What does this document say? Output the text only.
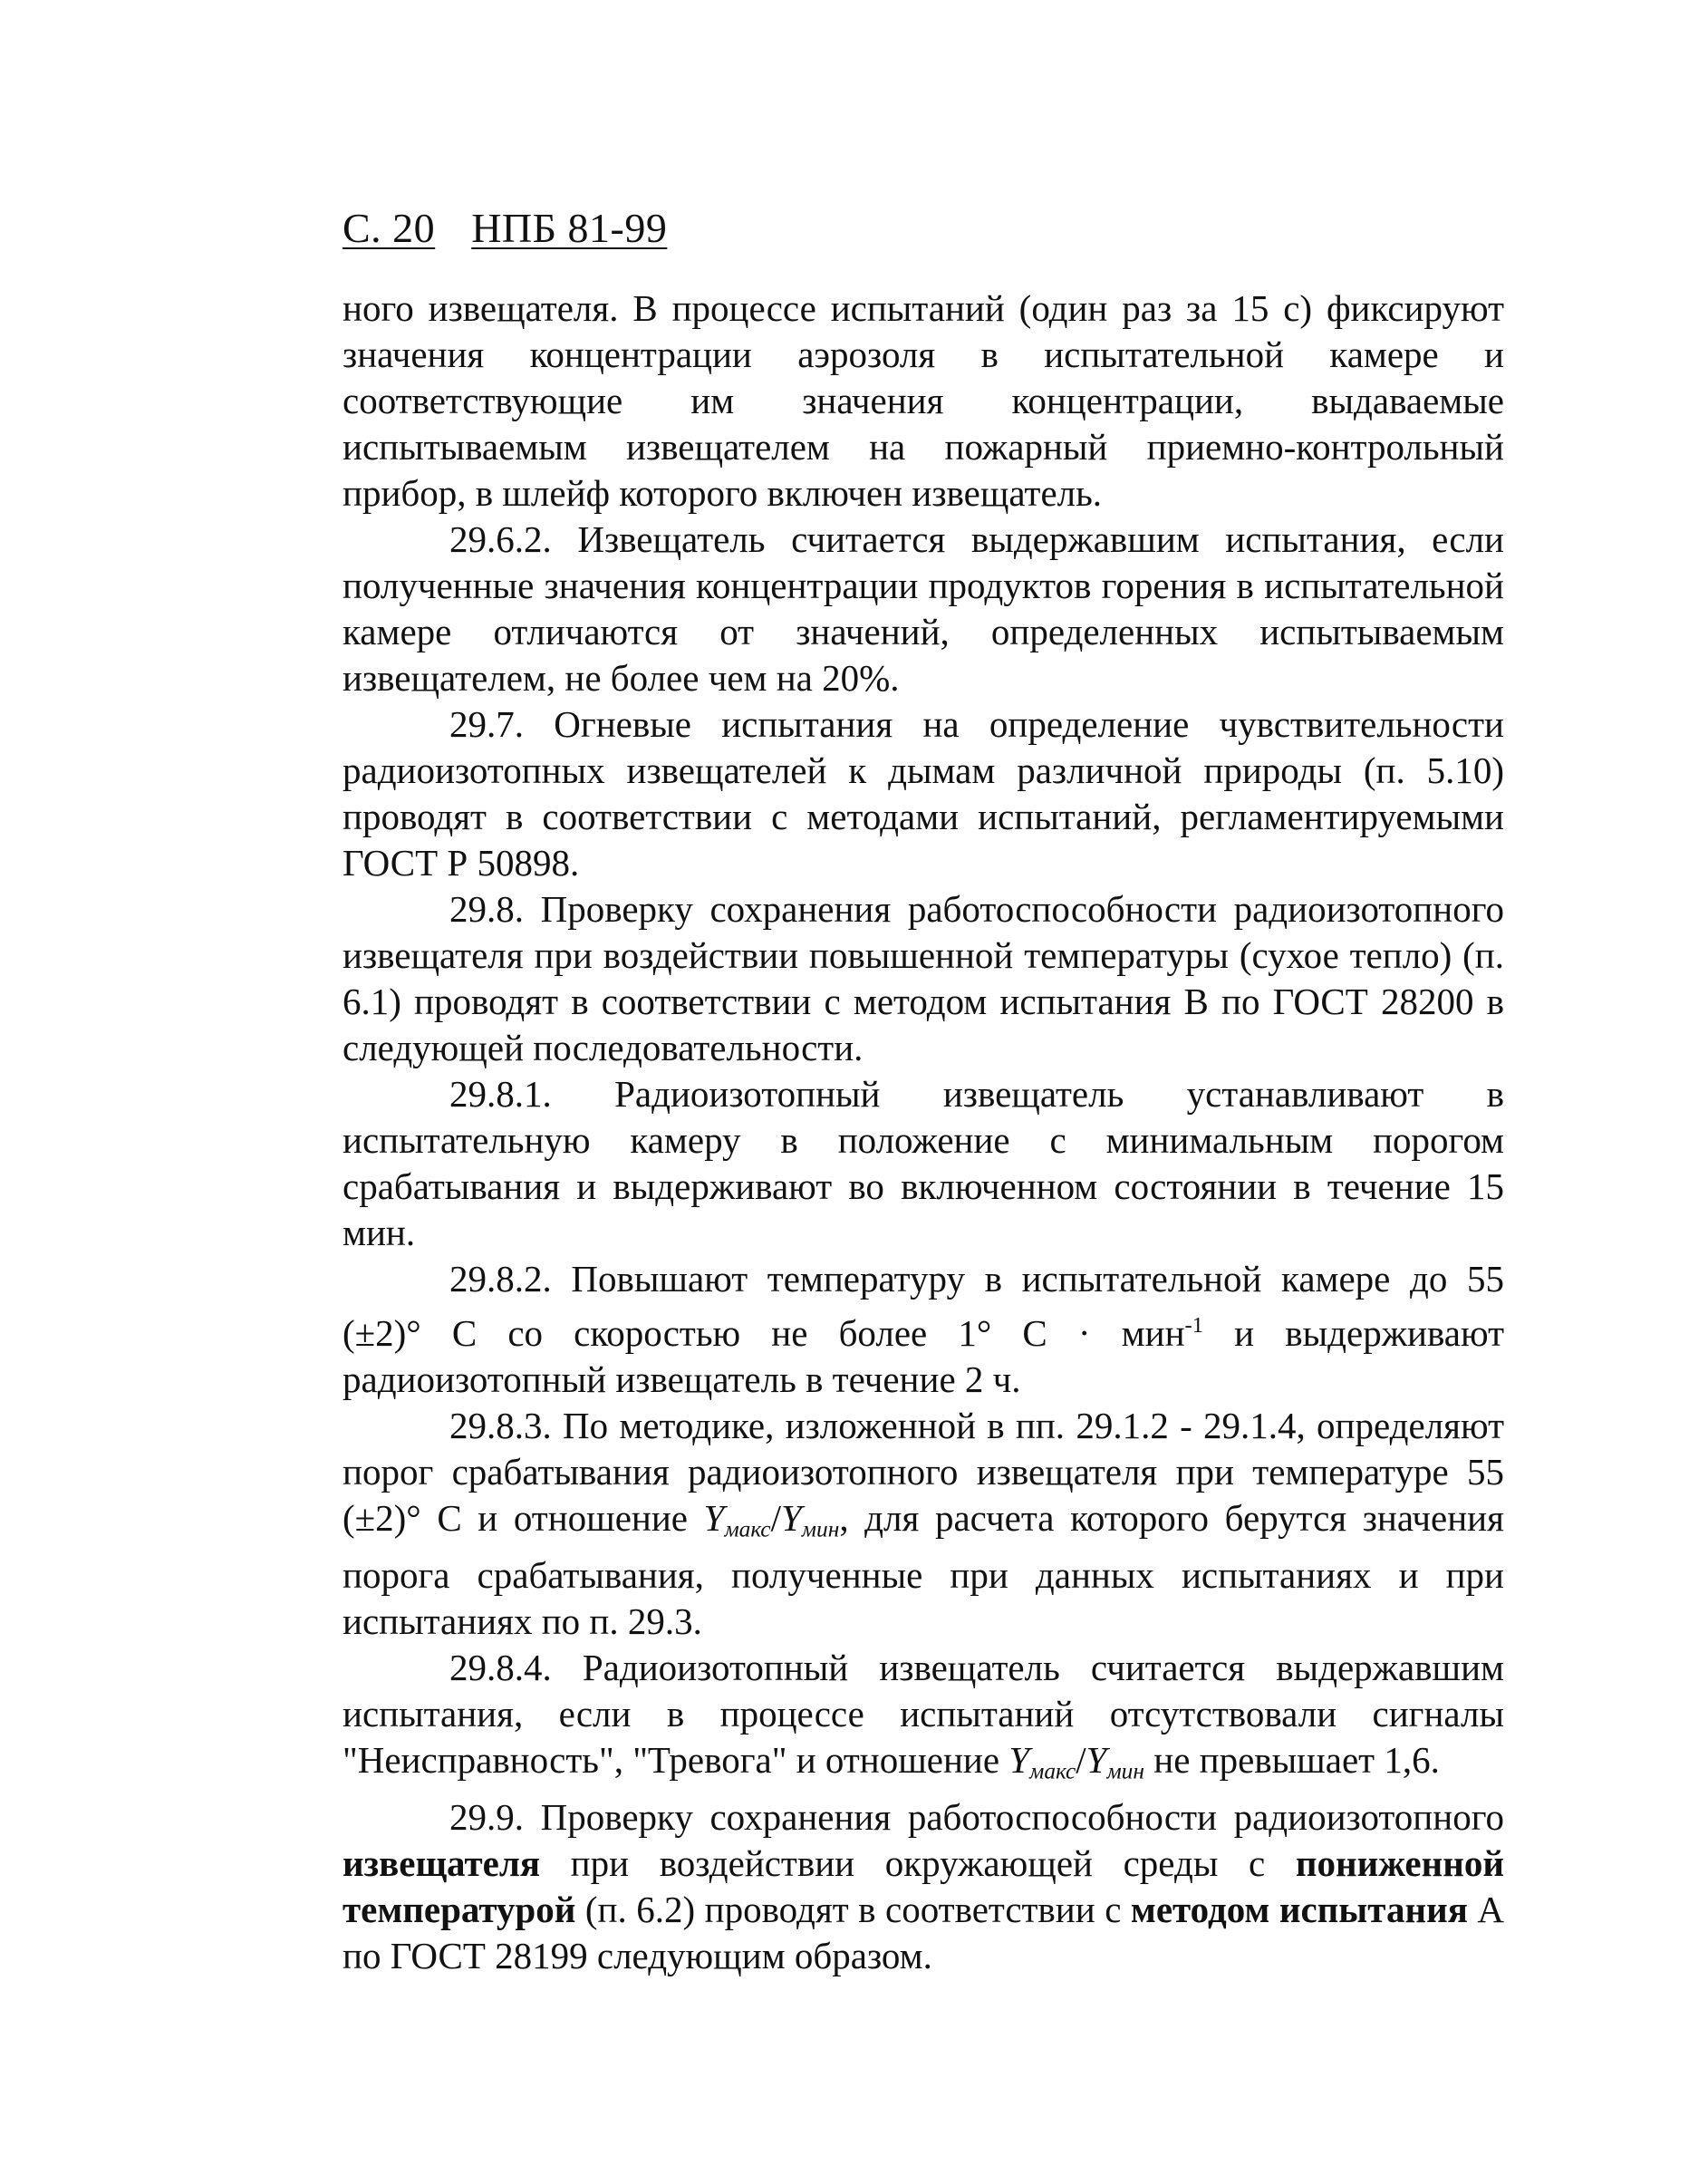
С. 20 НПБ 81-99

ного извещателя. В процессе испытаний (один раз за 15 с) фиксируют значения концентрации аэрозоля в испытательной камере и соответствующие им значения концентрации, выдаваемые испытываемым извещателем на пожарный приемно-контрольный прибор, в шлейф которого включен извещатель.

29.6.2. Извещатель считается выдержавшим испытания, если полученные значения концентрации продуктов горения в испытательной камере отличаются от значений, определенных испытываемым извещателем, не более чем на 20%.

29.7. Огневые испытания на определение чувствительности радиоизотопных извещателей к дымам различной природы (п. 5.10) проводят в соответствии с методами испытаний, регламентируемыми ГОСТ Р 50898.

29.8. Проверку сохранения работоспособности радиоизотопного извещателя при воздействии повышенной температуры (сухое тепло) (п. 6.1) проводят в соответствии с методом испытания В по ГОСТ 28200 в следующей последовательности.

29.8.1. Радиоизотопный извещатель устанавливают в испытательную камеру в положение с минимальным порогом срабатывания и выдерживают во включенном состоянии в течение 15 мин.

29.8.2. Повышают температуру в испытательной камере до 55 (±2)° С со скоростью не более 1° С · мин$^{-1}$ и выдерживают радиоизотопный извещатель в течение 2 ч.

29.8.3. По методике, изложенной в пп. 29.1.2 - 29.1.4, определяют порог срабатывания радиоизотопного извещателя при температуре 55 (±2)° С и отношение $Y_{макс}/Y_{мин}$, для расчета которого берутся значения порога срабатывания, полученные при данных испытаниях и при испытаниях по п. 29.3.

29.8.4. Радиоизотопный извещатель считается выдержавшим испытания, если в процессе испытаний отсутствовали сигналы "Неисправность", "Тревога" и отношение $Y_{макс}/Y_{мин}$ не превышает 1,6.

29.9. Проверку сохранения работоспособности радиоизотопного извещателя при воздействии окружающей среды с пониженной температурой (п. 6.2) проводят в соответствии с методом испытания А по ГОСТ 28199 следующим образом.
